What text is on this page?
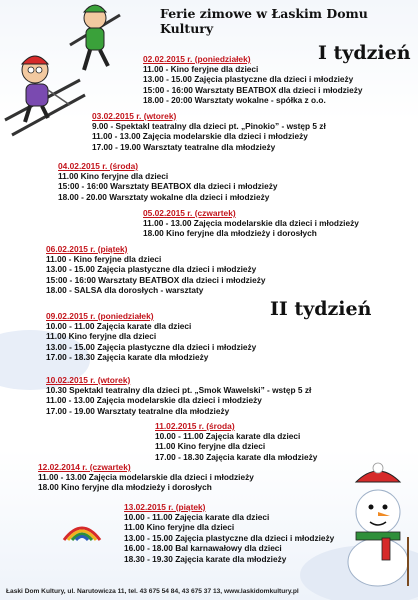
Ferie zimowe w Łaskim Domu Kultury
I tydzień
II tydzień
02.02.2015 r. (poniedziałek)
11.00 - Kino feryjne dla dzieci
13.00 - 15.00 Zajęcia plastyczne dla dzieci i młodzieży
15:00 - 16:00 Warsztaty BEATBOX dla dzieci i młodzieży
18.00 - 20:00 Warsztaty wokalne - spółka z o.o.
03.02.2015 r. (wtorek)
9.00 - Spektakl teatralny dla dzieci pt. „Pinokio” - wstęp 5 zł
11.00 - 13.00 Zajęcia modelarskie dla dzieci i młodzieży
17.00 - 19.00 Warsztaty teatralne dla młodzieży
04.02.2015 r. (środa)
11.00 Kino feryjne dla dzieci
15:00 - 16:00 Warsztaty BEATBOX dla dzieci i młodzieży
18.00 - 20.00 Warsztaty wokalne dla dzieci i młodzieży
05.02.2015 r. (czwartek)
11.00 - 13.00 Zajęcia modelarskie dla dzieci i młodzieży
18.00 Kino feryjne dla młodzieży i dorosłych
06.02.2015 r. (piątek)
11.00 - Kino feryjne dla dzieci
13.00 - 15.00 Zajęcia plastyczne dla dzieci i młodzieży
15:00 - 16:00 Warsztaty BEATBOX dla dzieci i młodzieży
18.00 - SALSA dla dorosłych - warsztaty
09.02.2015 r. (poniedziałek)
10.00 - 11.00 Zajęcia karate dla dzieci
11.00 Kino feryjne dla dzieci
13.00 - 15.00 Zajęcia plastyczne dla dzieci i młodzieży
17.00 - 18.30 Zajęcia karate dla młodzieży
10.02.2015 r. (wtorek)
10.30 Spektakl teatralny dla dzieci pt. „Smok Wawelski” - wstęp 5 zł
11.00 - 13.00 Zajęcia modelarskie dla dzieci i młodzieży
17.00 - 19.00 Warsztaty teatralne dla młodzieży
11.02.2015 r. (środa)
10.00 - 11.00 Zajęcia karate dla dzieci
11.00 Kino feryjne dla dzieci
17.00 - 18.30 Zajęcia karate dla młodzieży
12.02.2014 r. (czwartek)
11.00 - 13.00 Zajęcia modelarskie dla dzieci i młodzieży
18.00 Kino feryjne dla młodzieży i dorosłych
13.02.2015 r. (piątek)
10.00 - 11.00 Zajęcia karate dla dzieci
11.00 Kino feryjne dla dzieci
13.00 - 15.00 Zajęcia plastyczne dla dzieci i młodzieży
16.00 - 18.00 Bal karnawałowy dla dzieci
18.30 - 19.30 Zajęcia karate dla młodzieży
Łaski Dom Kultury, ul. Narutowicza 11, tel. 43 675 54 84, 43 675 37 13, www.laskidomkultury.pl
